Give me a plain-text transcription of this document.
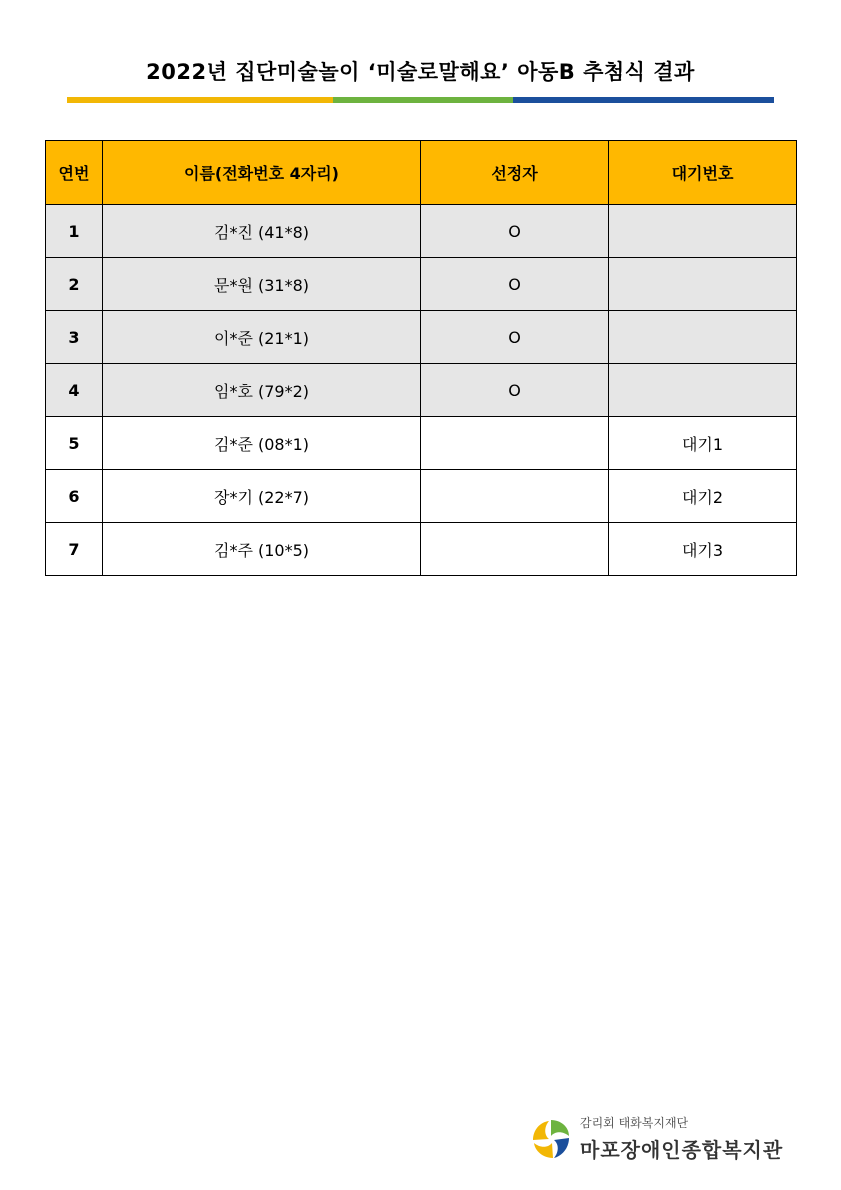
2022년 집단미술놀이 ‘미술로말해요’ 아동B 추첨식 결과
연번	이름(전화번호 4자리)	선정자	대기번호
1	김*진 (41*8)	O	
2	문*원 (31*8)	O	
3	이*준 (21*1)	O	
4	임*호 (79*2)	O	
5	김*준 (08*1)		대기1
6	장*기 (22*7)		대기2
7	김*주 (10*5)		대기3
감리회 태화복지재단
마포장애인종합복지관
